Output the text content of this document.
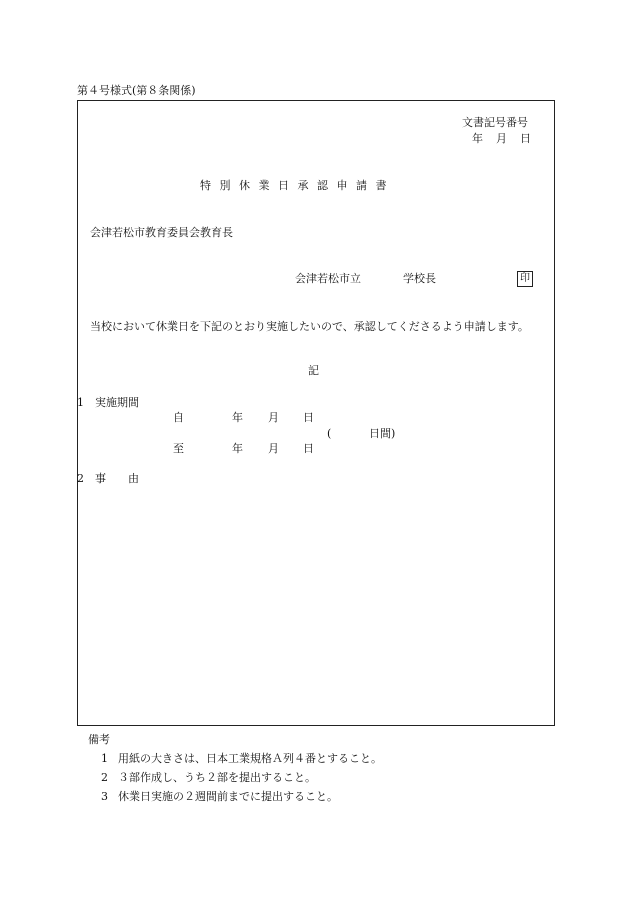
第４号様式(第８条関係)
文書記号番号
年　月　日
特別休業日承認申請書
会津若松市教育委員会教育長
会津若松市立	学校長	印
当校において休業日を下記のとおり実施したいので、承認してくださるよう申請します。
記
1 実施期間
自	年 月 日
(	日間)
至	年 月 日
2 事　　由
備考
1 用紙の大きさは、日本工業規格Ａ列４番とすること。
2 ３部作成し、うち２部を提出すること。
3 休業日実施の２週間前までに提出すること。
